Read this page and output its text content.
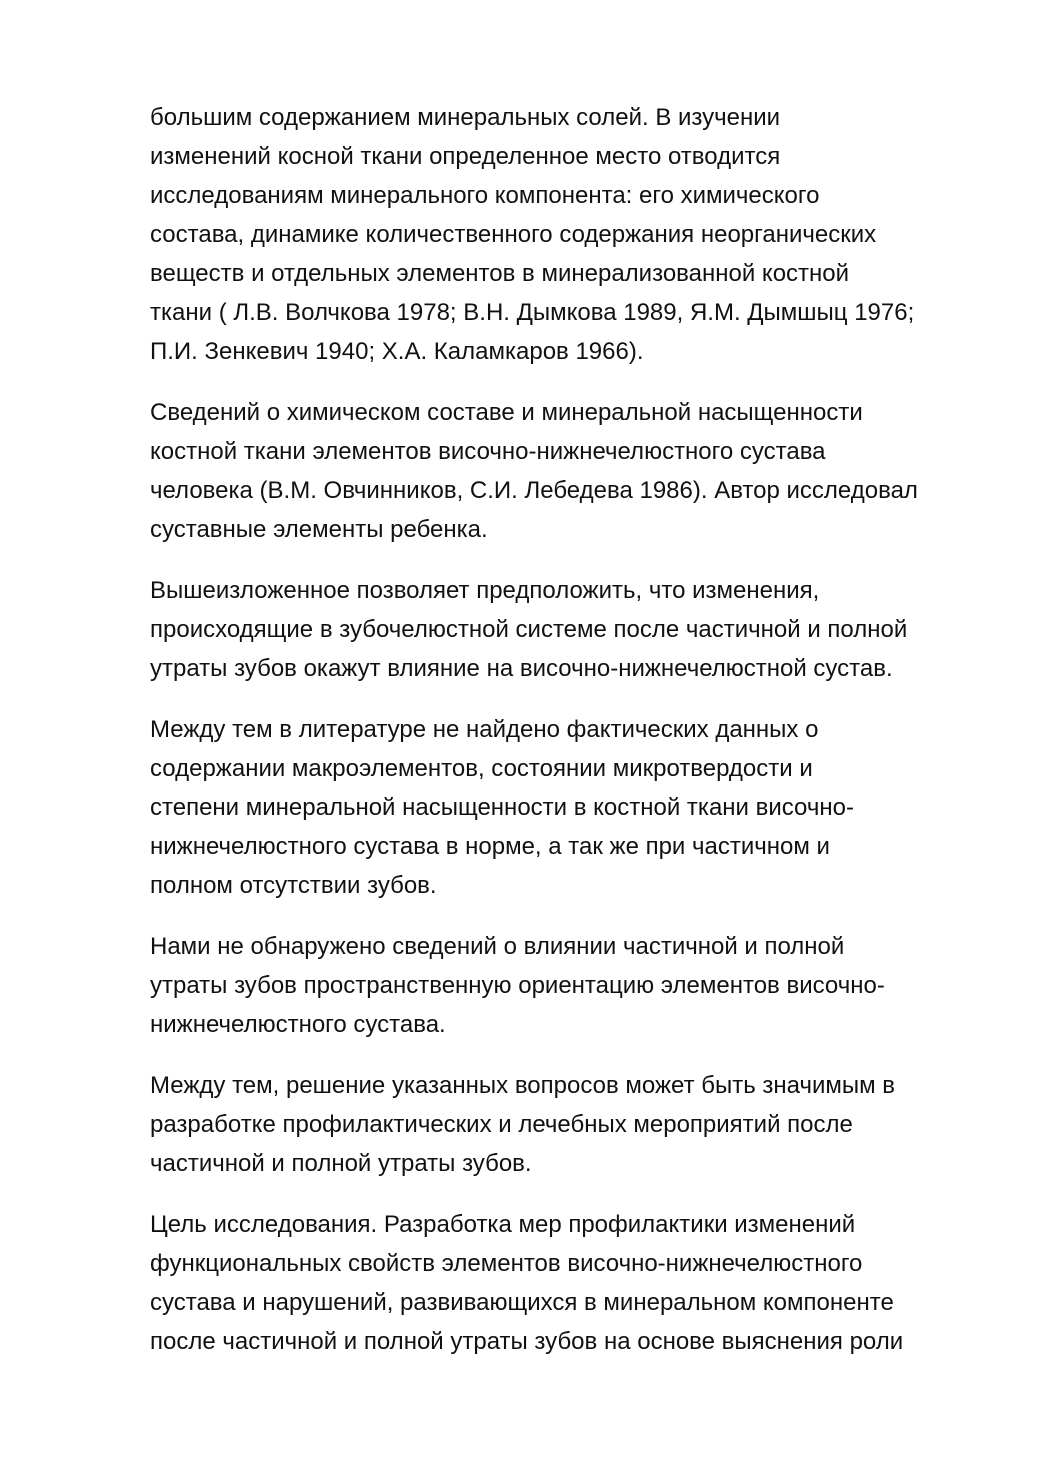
большим содержанием минеральных солей. В изучении
изменений косной ткани определенное место отводится
исследованиям минерального компонента: его химического
состава, динамике количественного содержания неорганических
веществ и отдельных элементов в минерализованной костной
ткани ( Л.В. Волчкова 1978; В.Н. Дымкова 1989, Я.М. Дымшыц 1976;
П.И. Зенкевич 1940; Х.А. Каламкаров 1966).
Сведений о химическом составе и минеральной насыщенности
костной ткани элементов височно-нижнечелюстного сустава
человека (В.М. Овчинников, С.И. Лебедева 1986). Автор исследовал
суставные элементы ребенка.
Вышеизложенное позволяет предположить, что изменения,
происходящие в зубочелюстной системе после частичной и полной
утраты зубов окажут влияние на височно-нижнечелюстной сустав.
Между тем в литературе не найдено фактических данных о
содержании макроэлементов, состоянии микротвердости и
степени минеральной насыщенности в костной ткани височно-
нижнечелюстного сустава в норме, а так же при частичном и
полном отсутствии зубов.
Нами не обнаружено сведений о влиянии частичной и полной
утраты зубов пространственную ориентацию элементов височно-
нижнечелюстного сустава.
Между тем, решение указанных вопросов может быть значимым в
разработке профилактических и лечебных мероприятий после
частичной и полной утраты зубов.
Цель исследования. Разработка мер профилактики изменений
функциональных свойств элементов височно-нижнечелюстного
сустава и нарушений, развивающихся в минеральном компоненте
после частичной и полной утраты зубов на основе выяснения роли
